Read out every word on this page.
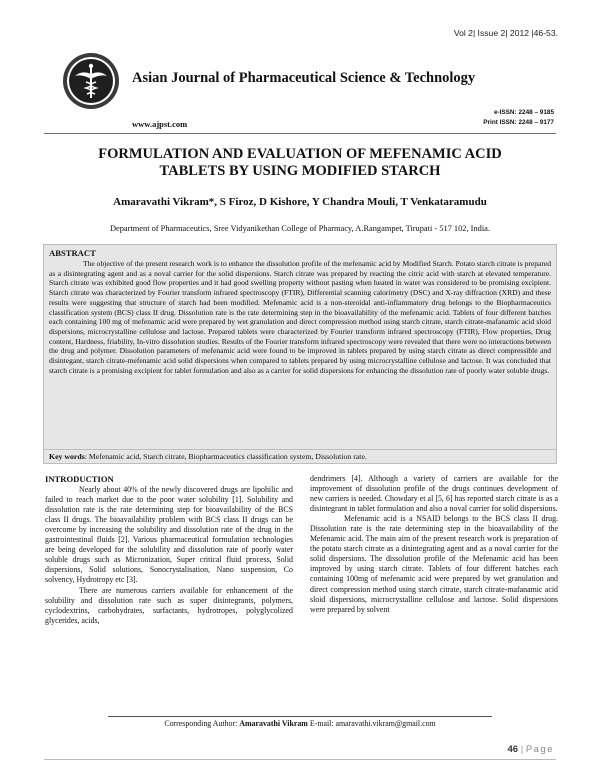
Vol 2| Issue 2| 2012 |46-53.
Asian Journal of Pharmaceutical Science & Technology
www.ajpst.com
e-ISSN: 2248 – 9185
Print ISSN: 2248 – 9177
FORMULATION AND EVALUATION OF MEFENAMIC ACID
TABLETS BY USING MODIFIED STARCH
Amaravathi Vikram*, S Firoz, D Kishore, Y Chandra Mouli, T Venkataramudu
Department of Pharmaceutics, Sree Vidyanikethan College of Pharmacy, A.Rangampet, Tirupati - 517 102, India.
ABSTRACT

The objective of the present research work is to enhance the dissolution profile of the mefenamic acid by Modified Starch. Potato starch citrate is prepared as a disintegrating agent and as a noval carrier for the solid dispersions. Starch citrate was prepared by reacting the citric acid with starch at elevated temperature. Starch citrate was exhibited good flow properties and it had good swelling property without pasting when heated in water was considered to be promising excipient. Starch citrate was characterized by Fourier transform infrared spectroscopy (FTIR), Differential scanning calorimetry (DSC) and X-ray diffraction (XRD) and these results were suggesting that structure of starch had been modified. Mefenamic acid is a non-steroidal anti-inflammatory drug belongs to the Biopharmaceutics classification system (BCS) class II drug. Dissolution rate is the rate determining step in the bioavailability of the mefenamic acid. Tablets of four different batches each containing 100 mg of mefenamic acid were prepared by wet granulation and direct compression method using starch citrate, starch citrate-mafanamic acid sloid dispersions, microcrystalline cellulose and lactose. Prepared tablets were characterized by Fourier transform infrared spectroscopy (FTIR), Flow properties, Drug content, Hardness, friability, In-vitro dissolution studies. Results of the Fourier transform infrared spectroscopy were revealed that there were no interactions between the drug and polymer. Dissolution parameters of mefenamic acid were found to be improved in tablets prepared by using starch citrate as direct compressible and disintegant, starch citrate-mefenamic acid solid dispersions when compared to tablets prepared by using microcrystalline cellulose and lactose. It was concluded that starch citrate is a promising excipient for tablet formulation and also as a carrier for solid dispersions for enhancing the dissolution rate of poorly water soluble drugs.

Key words: Mefenamic acid, Starch citrate, Biopharmaceutics classification system, Dissolution rate.
INTRODUCTION

Nearly about 40% of the newly discovered drugs are lipohilic and failed to reach market due to the poor water solubility [1]. Solubility and dissolution rate is the rate determining step for bioavailability of the BCS class II drugs. The bioavailability problem with BCS class II drugs can be overcome by increasing the solubility and dissolution rate of the drug in the gastrointestinal fluids [2]. Various pharmaceutical formulation technologies are being developed for the solubility and dissolution rate of poorly water soluble drugs such as Micronization, Super critical fluid process, Solid dispersions, Solid solutions, Sonocrystalisation, Nano suspension, Co solvency, Hydrotropy etc [3].

There are numerous carriers available for enhancement of the solubility and dissolution rate such as super disintegrants, polymers, cyclodextrins, carbohydrates, surfactants, hydrotropes, polyglycolized glycerides, acids,

dendrimers [4]. Although a variety of carriers are available for the improvement of dissolution profile of the drugs continues development of new carriers is needed. Chowdary et al [5, 6] has reported starch citrate is as a disintegrant in tablet formulation and also a noval carrier for solid dispersions.

Mefenamic acid is a NSAID belongs to the BCS class II drug. Dissolution rate is the rate determining step in the bioavailability of the Mefenamic acid. The main aim of the present research work is preparation of the potato starch citrate as a disintegrating agent and as a noval carrier for the solid dispersions. The dissolution profile of the Mefenamic acid has been improved by using starch citrate. Tablets of four different batches each containing 100mg of mefenamic acid were prepared by wet granulation and direct compression method using starch citrate, starch citrate-mafanamic acid sloid dispersions, microcrystalline cellulose and lactose. Solid dispersions were prepared by solvent

Corresponding Author: Amaravathi Vikram E-mail: amaravathi.vikram@gmail.com
46 | Page
